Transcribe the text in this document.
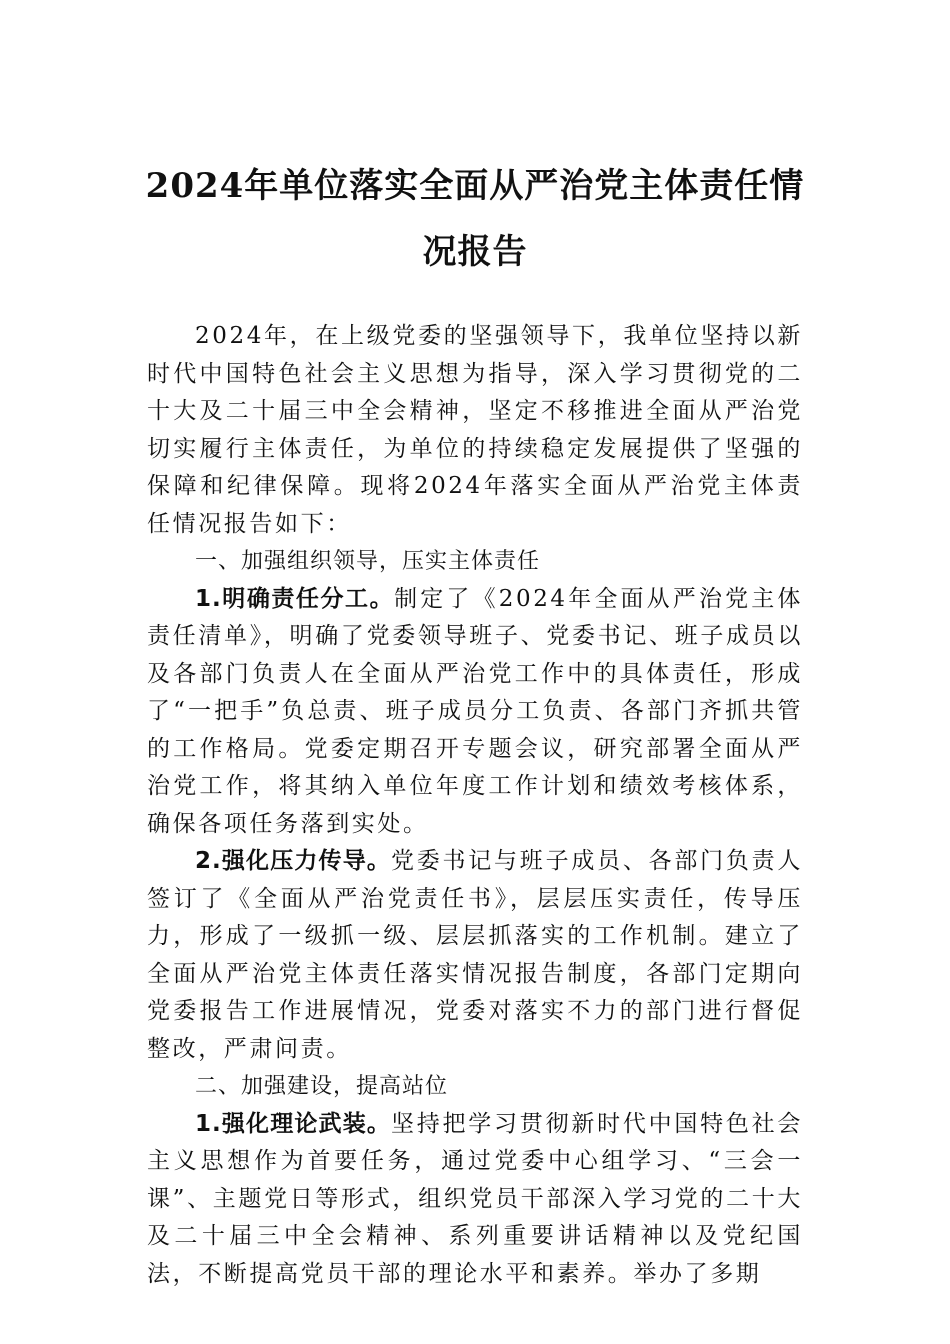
2024年单位落实全面从严治党主体责任情
况报告

2024年，在上级党委的坚强领导下，我单位坚持以新时代中国特色社会主义思想为指导，深入学习贯彻党的二十大及二十届三中全会精神，坚定不移推进全面从严治党切实履行主体责任，为单位的持续稳定发展提供了坚强的保障和纪律保障。现将2024年落实全面从严治党主体责任情况报告如下：

一、加强组织领导，压实主体责任

1.明确责任分工。制定了《2024年全面从严治党主体责任清单》，明确了党委领导班子、党委书记、班子成员以及各部门负责人在全面从严治党工作中的具体责任，形成了“一把手”负总责、班子成员分工负责、各部门齐抓共管的工作格局。党委定期召开专题会议，研究部署全面从严治党工作，将其纳入单位年度工作计划和绩效考核体系，确保各项任务落到实处。

2.强化压力传导。党委书记与班子成员、各部门负责人签订了《全面从严治党责任书》，层层压实责任，传导压力，形成了一级抓一级、层层抓落实的工作机制。建立了全面从严治党主体责任落实情况报告制度，各部门定期向党委报告工作进展情况，党委对落实不力的部门进行督促整改，严肃问责。

二、加强建设，提高站位

1.强化理论武装。坚持把学习贯彻新时代中国特色社会主义思想作为首要任务，通过党委中心组学习、“三会一课”、主题党日等形式，组织党员干部深入学习党的二十大及二十届三中全会精神、系列重要讲话精神以及党纪国法，不断提高党员干部的理论水平和素养。举办了多期
